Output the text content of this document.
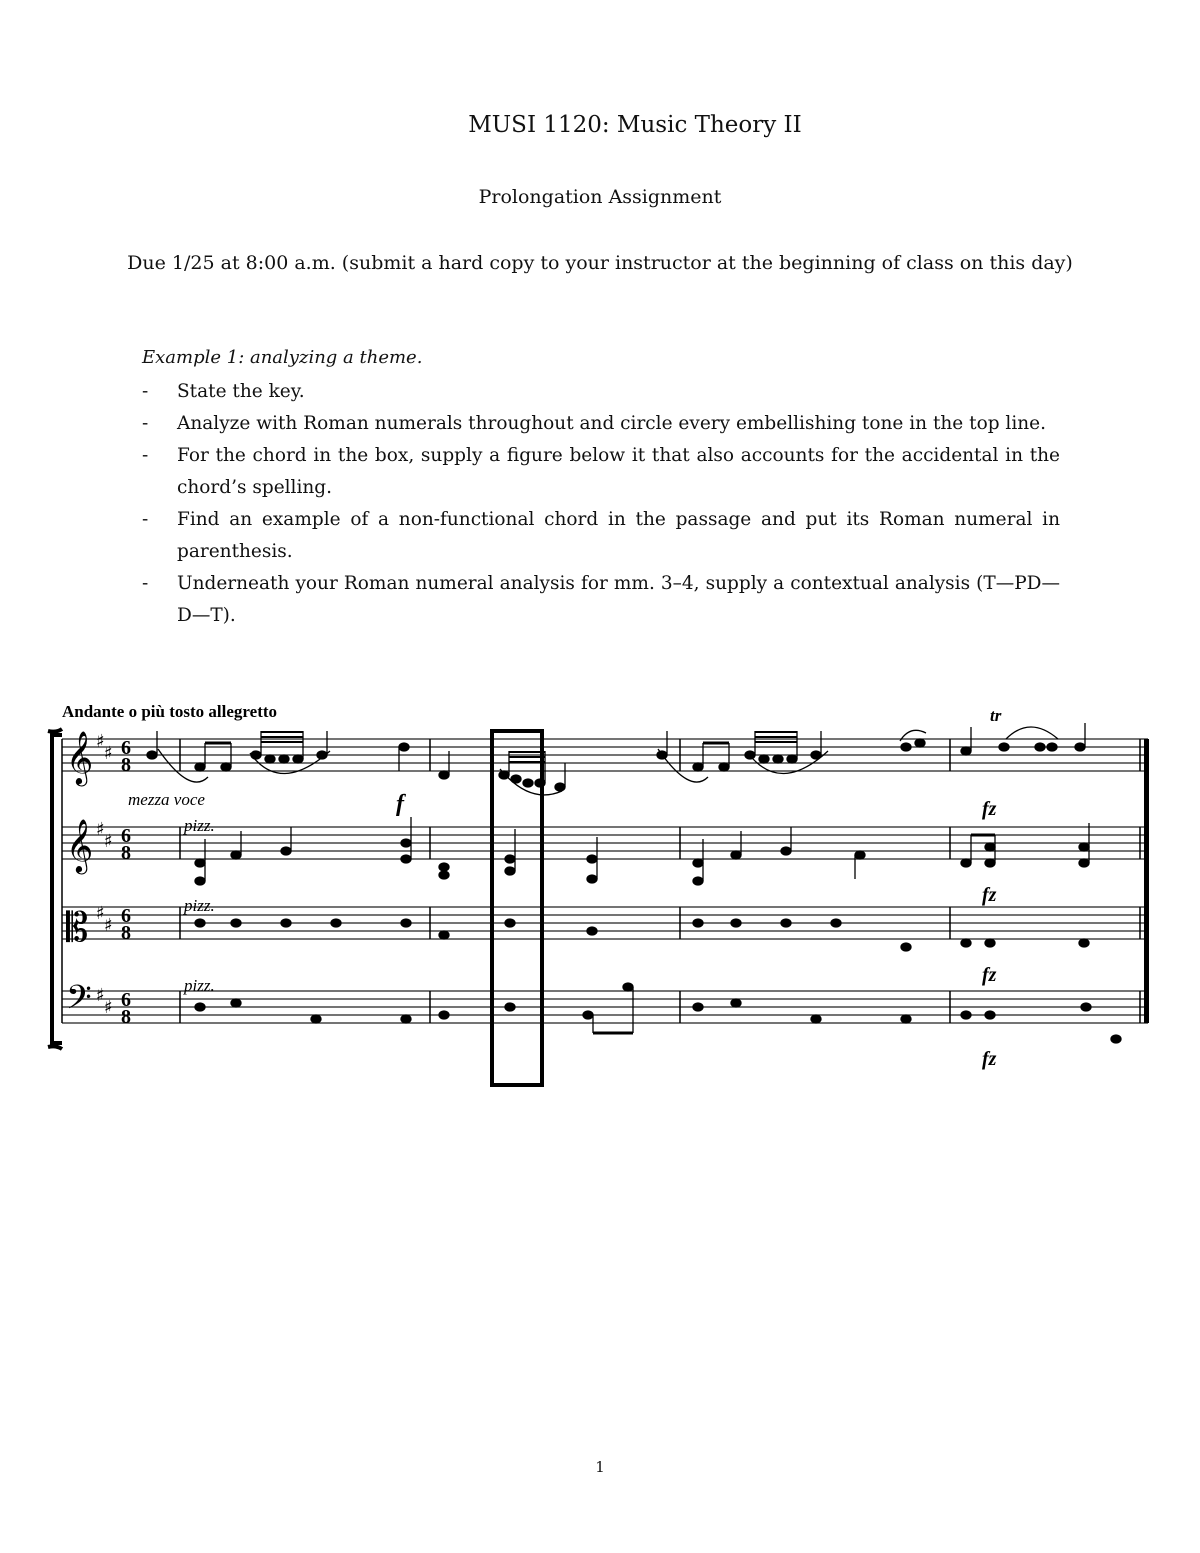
MUSI 1120: Music Theory II
Prolongation Assignment
Due 1/25 at 8:00 a.m. (submit a hard copy to your instructor at the beginning of class on this day)
Example 1: analyzing a theme.
- State the key.
- Analyze with Roman numerals throughout and circle every embellishing tone in the top line.
- For the chord in the box, supply a figure below it that also accounts for the accidental in the chord’s spelling.
- Find an example of a non-functional chord in the passage and put its Roman numeral in parenthesis.
- Underneath your Roman numeral analysis for mm. 3–4, supply a contextual analysis (T—PD—D—T).
Andante o più tosto allegretto
𝄞
𝄞
𝄡
𝄢
♯
♯
♯
♯
♯
♯
♯
♯
6
8
6
8
6
8
6
8
mezza voce	f
tr
fz
pizz.
fz
pizz.
fz
pizz.
fz
1
